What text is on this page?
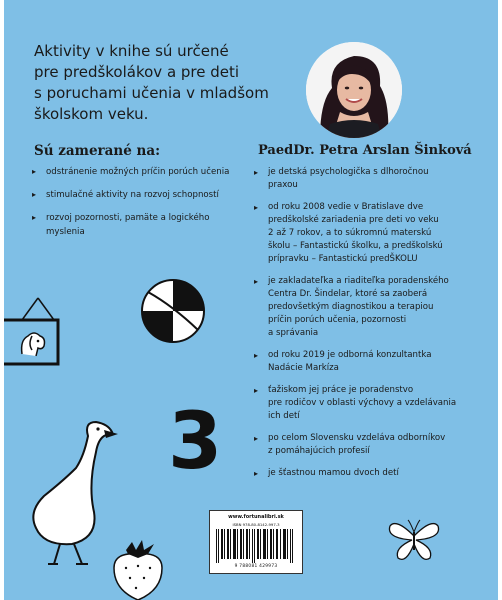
Aktivity v knihe sú určené
pre predškolákov a pre deti
s poruchami učenia v mladšom
školskom veku.

Sú zamerané na:
▸	odstránenie možných príčin porúch učenia
▸	stimulačné aktivity na rozvoj schopností
▸	rozvoj pozornosti, pamäte a logického
myslenia
PaedDr. Petra Arslan Šinková
▸	je detská psychologička s dlhoročnou
praxou
▸	od roku 2008 vedie v Bratislave dve
predškolské zariadenia pre deti vo veku
2 až 7 rokov, a to súkromnú materskú
školu – Fantastickú školku, a predškolskú
prípravku – Fantastickú predŠKOLU
▸	je zakladateľka a riaditeľka poradenského
Centra Dr. Šindelar, ktoré sa zaoberá
predovšetkým diagnostikou a terapiou
príčin porúch učenia, pozornosti
a správania
▸	od roku 2019 je odborná konzultantka
Nadácie Markíza
▸	ťažiskom jej práce je poradenstvo
pre rodičov v oblasti výchovy a vzdelávania
ich detí
▸	po celom Slovensku vzdeláva odborníkov
z pomáhajúcich profesií
▸	je šťastnou mamou dvoch detí
3
www.fortunalibri.sk
ISBN 978-80-8142-997-3
9 788081 429973
